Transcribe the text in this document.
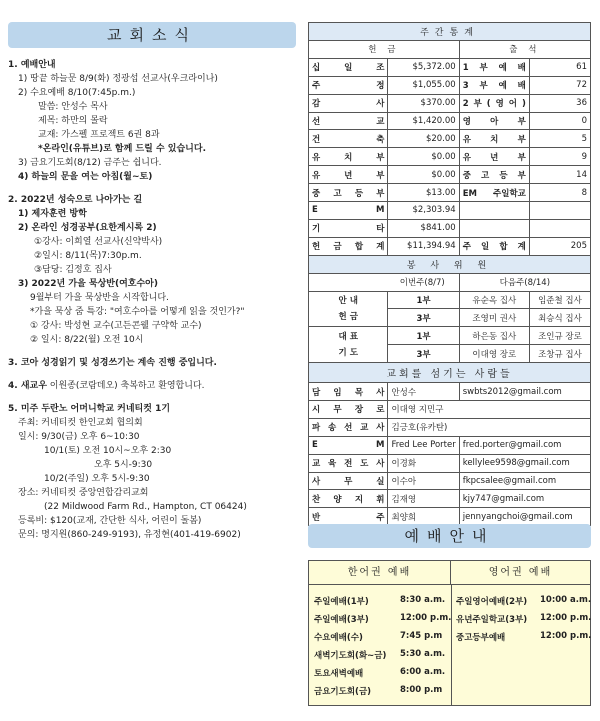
교회소식
1. 예배안내
1) 땅끝 하늘문 8/9(화) 정광섭 선교사(우크라이나)
2) 수요예배 8/10(7:45p.m.)
말씀: 안성수 목사
제목: 하만의 몰락
교재: 가스펠 프로젝트 6권 8과
*온라인(유튜브)로 함께 드릴 수 있습니다.
3) 금요기도회(8/12) 금주는 쉽니다.
4) 하늘의 문을 여는 아침(월~토)
2. 2022년 성숙으로 나아가는 길
1) 제자훈련 방학
2) 온라인 성경공부(요한계시록 2)
①강사: 이희열 선교사(신약박사)
②일시: 8/11(목)7:30p.m.
③담당: 김정호 집사
3) 2022년 가을 묵상반(여호수아)
9월부터 가을 묵상반을 시작합니다.
*가을 묵상 줌 특강: "여호수아를 어떻게 읽을 것인가?"
① 강사: 박성현 교수(고든콘웰 구약학 교수)
② 일시: 8/22(월) 오전 10시
3. 코아 성경읽기 및 성경쓰기는 계속 진행 중입니다.
4. 새교우 이원종(코람데오) 축복하고 환영합니다.
5. 미주 두란노 어머니학교 커네티컷 1기
주최: 커네티컷 한인교회 협의회
일시: 9/30(금) 오후 6~10:30
10/1(토) 오전 10시~오후 2:30
오후 5시-9:30
10/2(주일) 오후 5시-9:30
장소: 커네티컷 중앙연합감리교회
(22 Mildwood Farm Rd., Hampton, CT 06424)
등록비: $120(교재, 간단한 식사, 어린이 돌봄)
문의: 명지원(860-249-9193), 유정현(401-419-6902)
주간통계			
헌 금		출 석	
십 일 조	$5,372.00	1 부 예 배	61
주 정	$1,055.00	3 부 예 배	72
감 사	$370.00	2 부 ( 영 어 )	36
선 교	$1,420.00	영 아 부	0
건 축	$20.00	유 치 부	5
유 치 부	$0.00	유 년 부	9
유 년 부	$0.00	중 고 등 부	14
중 고 등 부	$13.00	EM 주일학교	8
E M	$2,303.94		
기 타	$841.00		
헌 금 합 계	$11,394.94	주 일 합 계	205
봉 사 위 원			
이번주(8/7)		다음주(8/14)	
안 내
헌 금	1부	유순옥 집사	임준철 집사
	3부	조영미 권사	최승식 집사
대 표
기 도	1부	하은동 집사	조인규 장로
	3부	이대영 장로	조창규 집사
교회를 섬기는 사람들			
담 임 목 사	안성수	swbts2012@gmail.com	
시 무 장 로	이대영 지민구		
파 송 선 교 사	김긍호(유카탄)		
E M	Fred Lee Porter	fred.porter@gmail.com	
교 육 전 도 사	이경화	kellylee9598@gmail.com	
사 무 실	이수아	fkpcsalee@gmail.com	
찬 양 지 휘	김재영	kjy747@gmail.com	
반 주	최양희	jennyangchoi@gmail.com	
예배안내
한어권 예배	영어권 예배
주일예배(1부)	8:30 a.m.
주일예배(3부)	12:00 p.m.
수요예배(수)	7:45 p.m
새벽기도회(화~금) 5:30 a.m.
토요새벽예배	6:00 a.m.
금요기도회(금)	8:00 p.m
주일영어예배(2부) 10:00 a.m.
유년주일학교(3부) 12:00 p.m.
중고등부예배	12:00 p.m.
